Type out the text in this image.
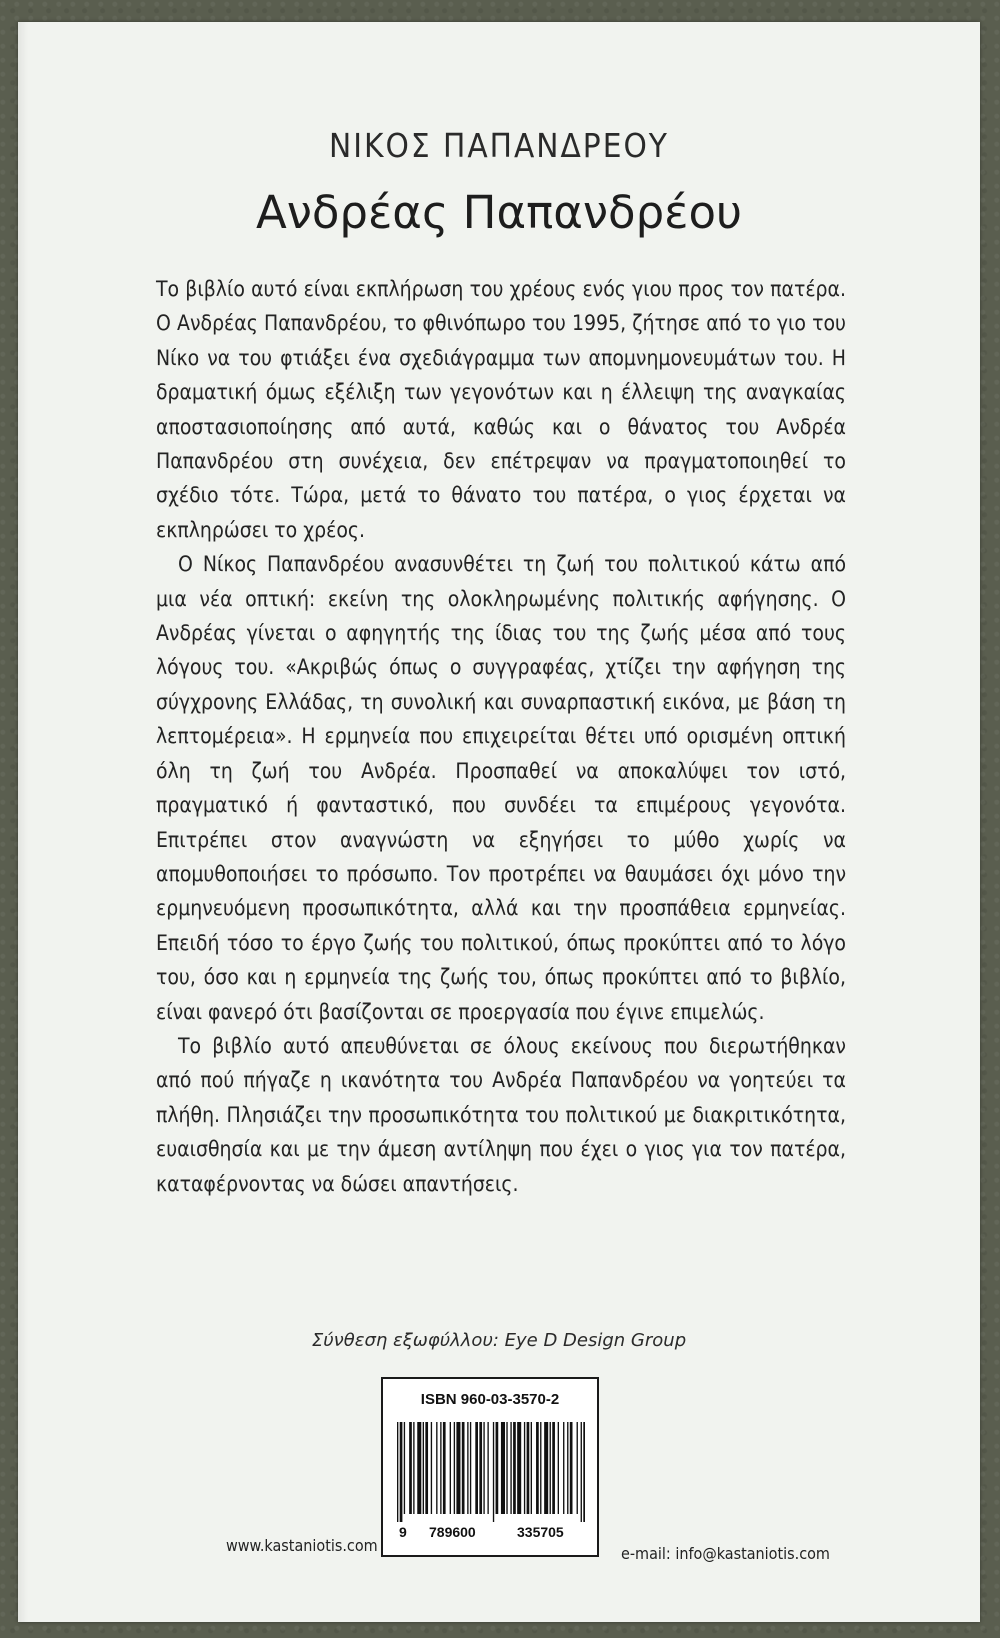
ΝΙΚΟΣ ΠΑΠΑΝΔΡΕΟΥ
Ανδρέας Παπανδρέου

Το βιβλίο αυτό είναι εκπλήρωση του χρέους ενός γιου προς τον πατέρα. Ο Ανδρέας Παπανδρέου, το φθινόπωρο του 1995, ζήτησε από το γιο του Νίκο να του φτιάξει ένα σχεδιάγραμμα των απομνημονευμάτων του. Η δραματική όμως εξέλιξη των γεγονότων και η έλλειψη της αναγκαίας αποστασιοποίησης από αυτά, καθώς και ο θάνατος του Ανδρέα Παπανδρέου στη συνέχεια, δεν επέτρεψαν να πραγματοποιηθεί το σχέδιο τότε. Τώρα, μετά το θάνατο του πατέρα, ο γιος έρχεται να εκπληρώσει το χρέος.

Ο Νίκος Παπανδρέου ανασυνθέτει τη ζωή του πολιτικού κάτω από μια νέα οπτική: εκείνη της ολοκληρωμένης πολιτικής αφήγησης. Ο Ανδρέας γίνεται ο αφηγητής της ίδιας του της ζωής μέσα από τους λόγους του. «Ακριβώς όπως ο συγγραφέας, χτίζει την αφήγηση της σύγχρονης Ελλάδας, τη συνολική και συναρπαστική εικόνα, με βάση τη λεπτομέρεια». Η ερμηνεία που επιχειρείται θέτει υπό ορισμένη οπτική όλη τη ζωή του Ανδρέα. Προσπαθεί να αποκαλύψει τον ιστό, πραγματικό ή φανταστικό, που συνδέει τα επιμέρους γεγονότα. Επιτρέπει στον αναγνώστη να εξηγήσει το μύθο χωρίς να απομυθοποιήσει το πρόσωπο. Τον προτρέπει να θαυμάσει όχι μόνο την ερμηνευόμενη προσωπικότητα, αλλά και την προσπάθεια ερμηνείας. Επειδή τόσο το έργο ζωής του πολιτικού, όπως προκύπτει από το λόγο του, όσο και η ερμηνεία της ζωής του, όπως προκύπτει από το βιβλίο, είναι φανερό ότι βασίζονται σε προεργασία που έγινε επιμελώς.

Το βιβλίο αυτό απευθύνεται σε όλους εκείνους που διερωτήθηκαν από πού πήγαζε η ικανότητα του Ανδρέα Παπανδρέου να γοητεύει τα πλήθη. Πλησιάζει την προσωπικότητα του πολιτικού με διακριτικότητα, ευαισθησία και με την άμεση αντίληψη που έχει ο γιος για τον πατέρα, καταφέρνοντας να δώσει απαντήσεις.

Σύνθεση εξωφύλλου: Eye D Design Group
ISBN 960-03-3570-2
9 789600	335705
www.kastaniotis.com	e-mail: info@kastaniotis.com
